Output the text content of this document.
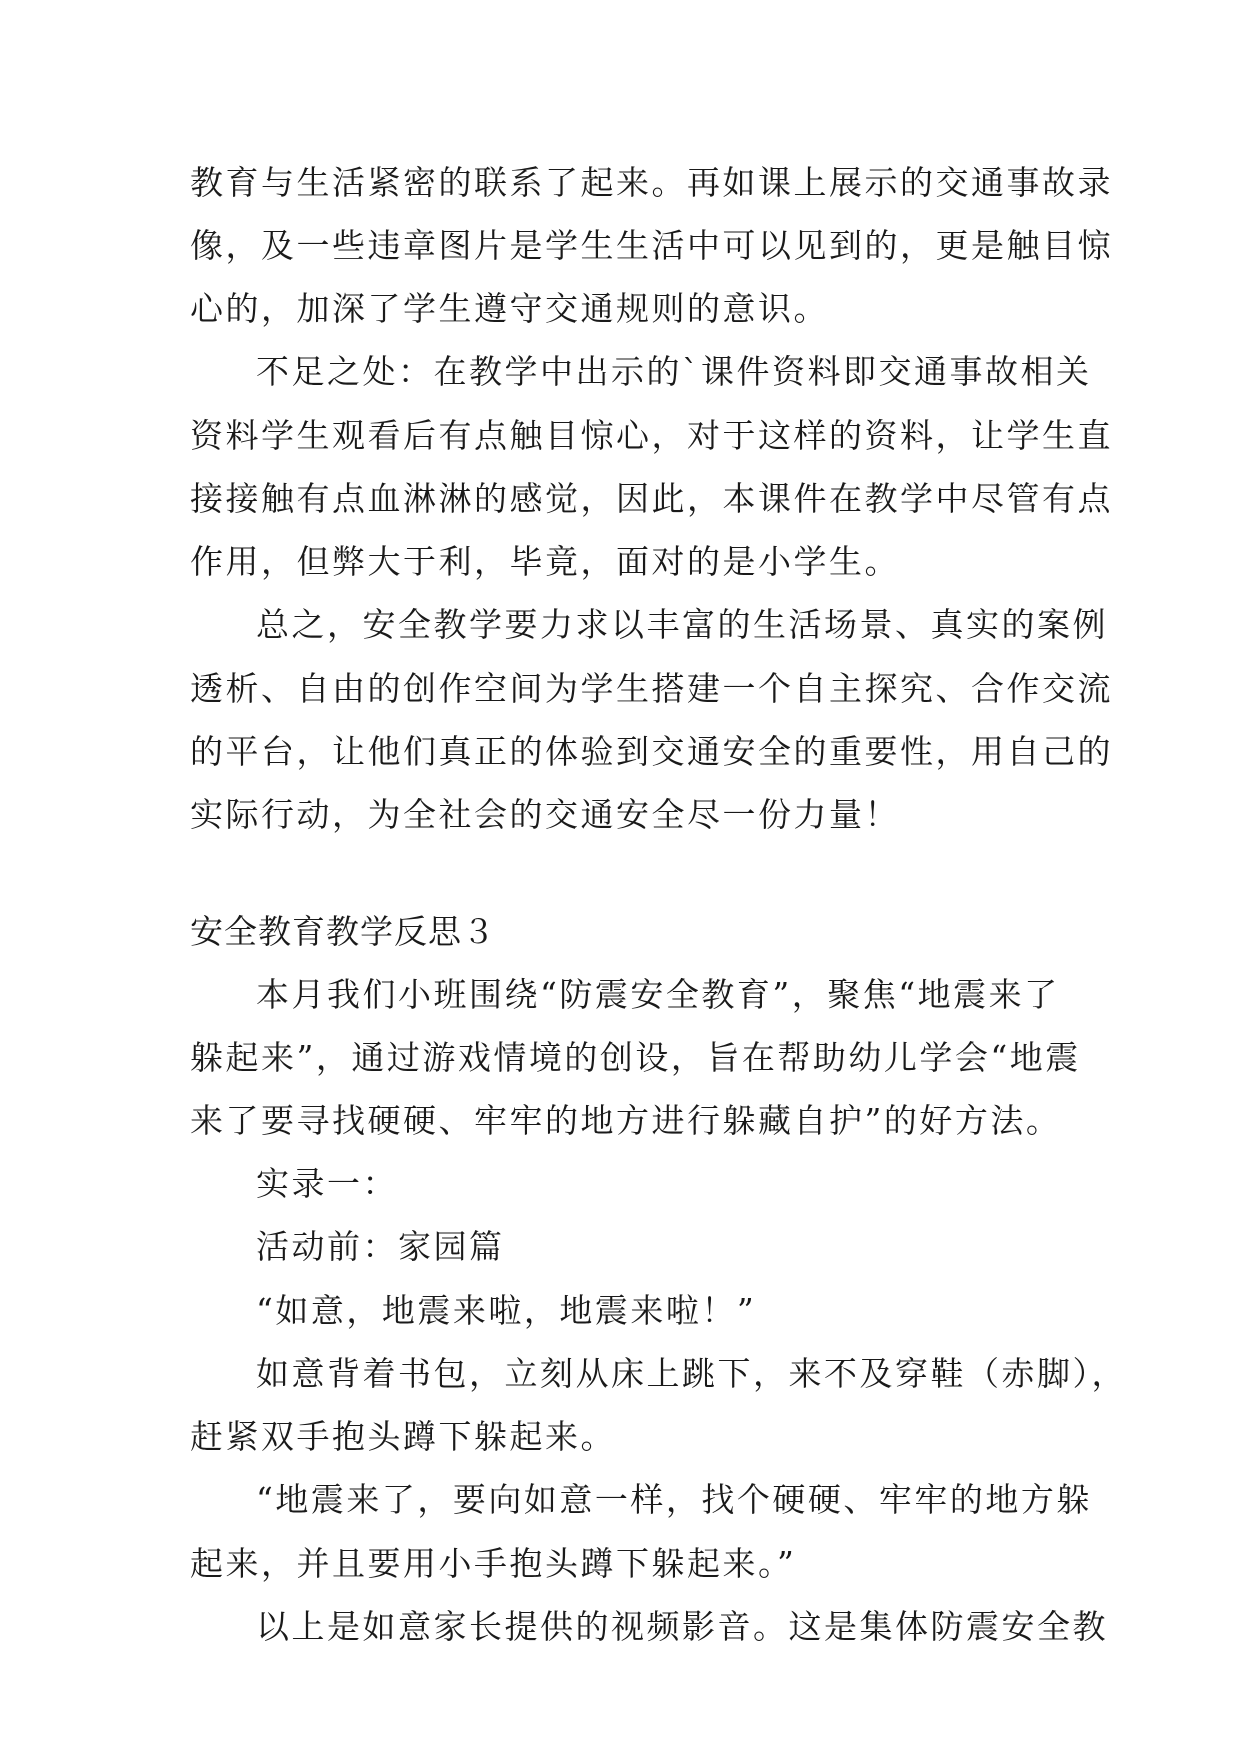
教育与生活紧密的联系了起来。再如课上展示的交通事故录
像，及一些违章图片是学生生活中可以见到的，更是触目惊
心的，加深了学生遵守交通规则的意识。
不足之处：在教学中出示的`课件资料即交通事故相关
资料学生观看后有点触目惊心，对于这样的资料，让学生直
接接触有点血淋淋的感觉，因此，本课件在教学中尽管有点
作用，但弊大于利，毕竟，面对的是小学生。
总之，安全教学要力求以丰富的生活场景、真实的案例
透析、自由的创作空间为学生搭建一个自主探究、合作交流
的平台，让他们真正的体验到交通安全的重要性，用自己的
实际行动，为全社会的交通安全尽一份力量！
安全教育教学反思３
本月我们小班围绕“防震安全教育”，聚焦“地震来了
躲起来”，通过游戏情境的创设，旨在帮助幼儿学会“地震
来了要寻找硬硬、牢牢的地方进行躲藏自护”的好方法。
实录一：
活动前：家园篇
“如意，地震来啦，地震来啦！”
如意背着书包，立刻从床上跳下，来不及穿鞋（赤脚），
赶紧双手抱头蹲下躲起来。
“地震来了，要向如意一样，找个硬硬、牢牢的地方躲
起来，并且要用小手抱头蹲下躲起来。”
以上是如意家长提供的视频影音。这是集体防震安全教
